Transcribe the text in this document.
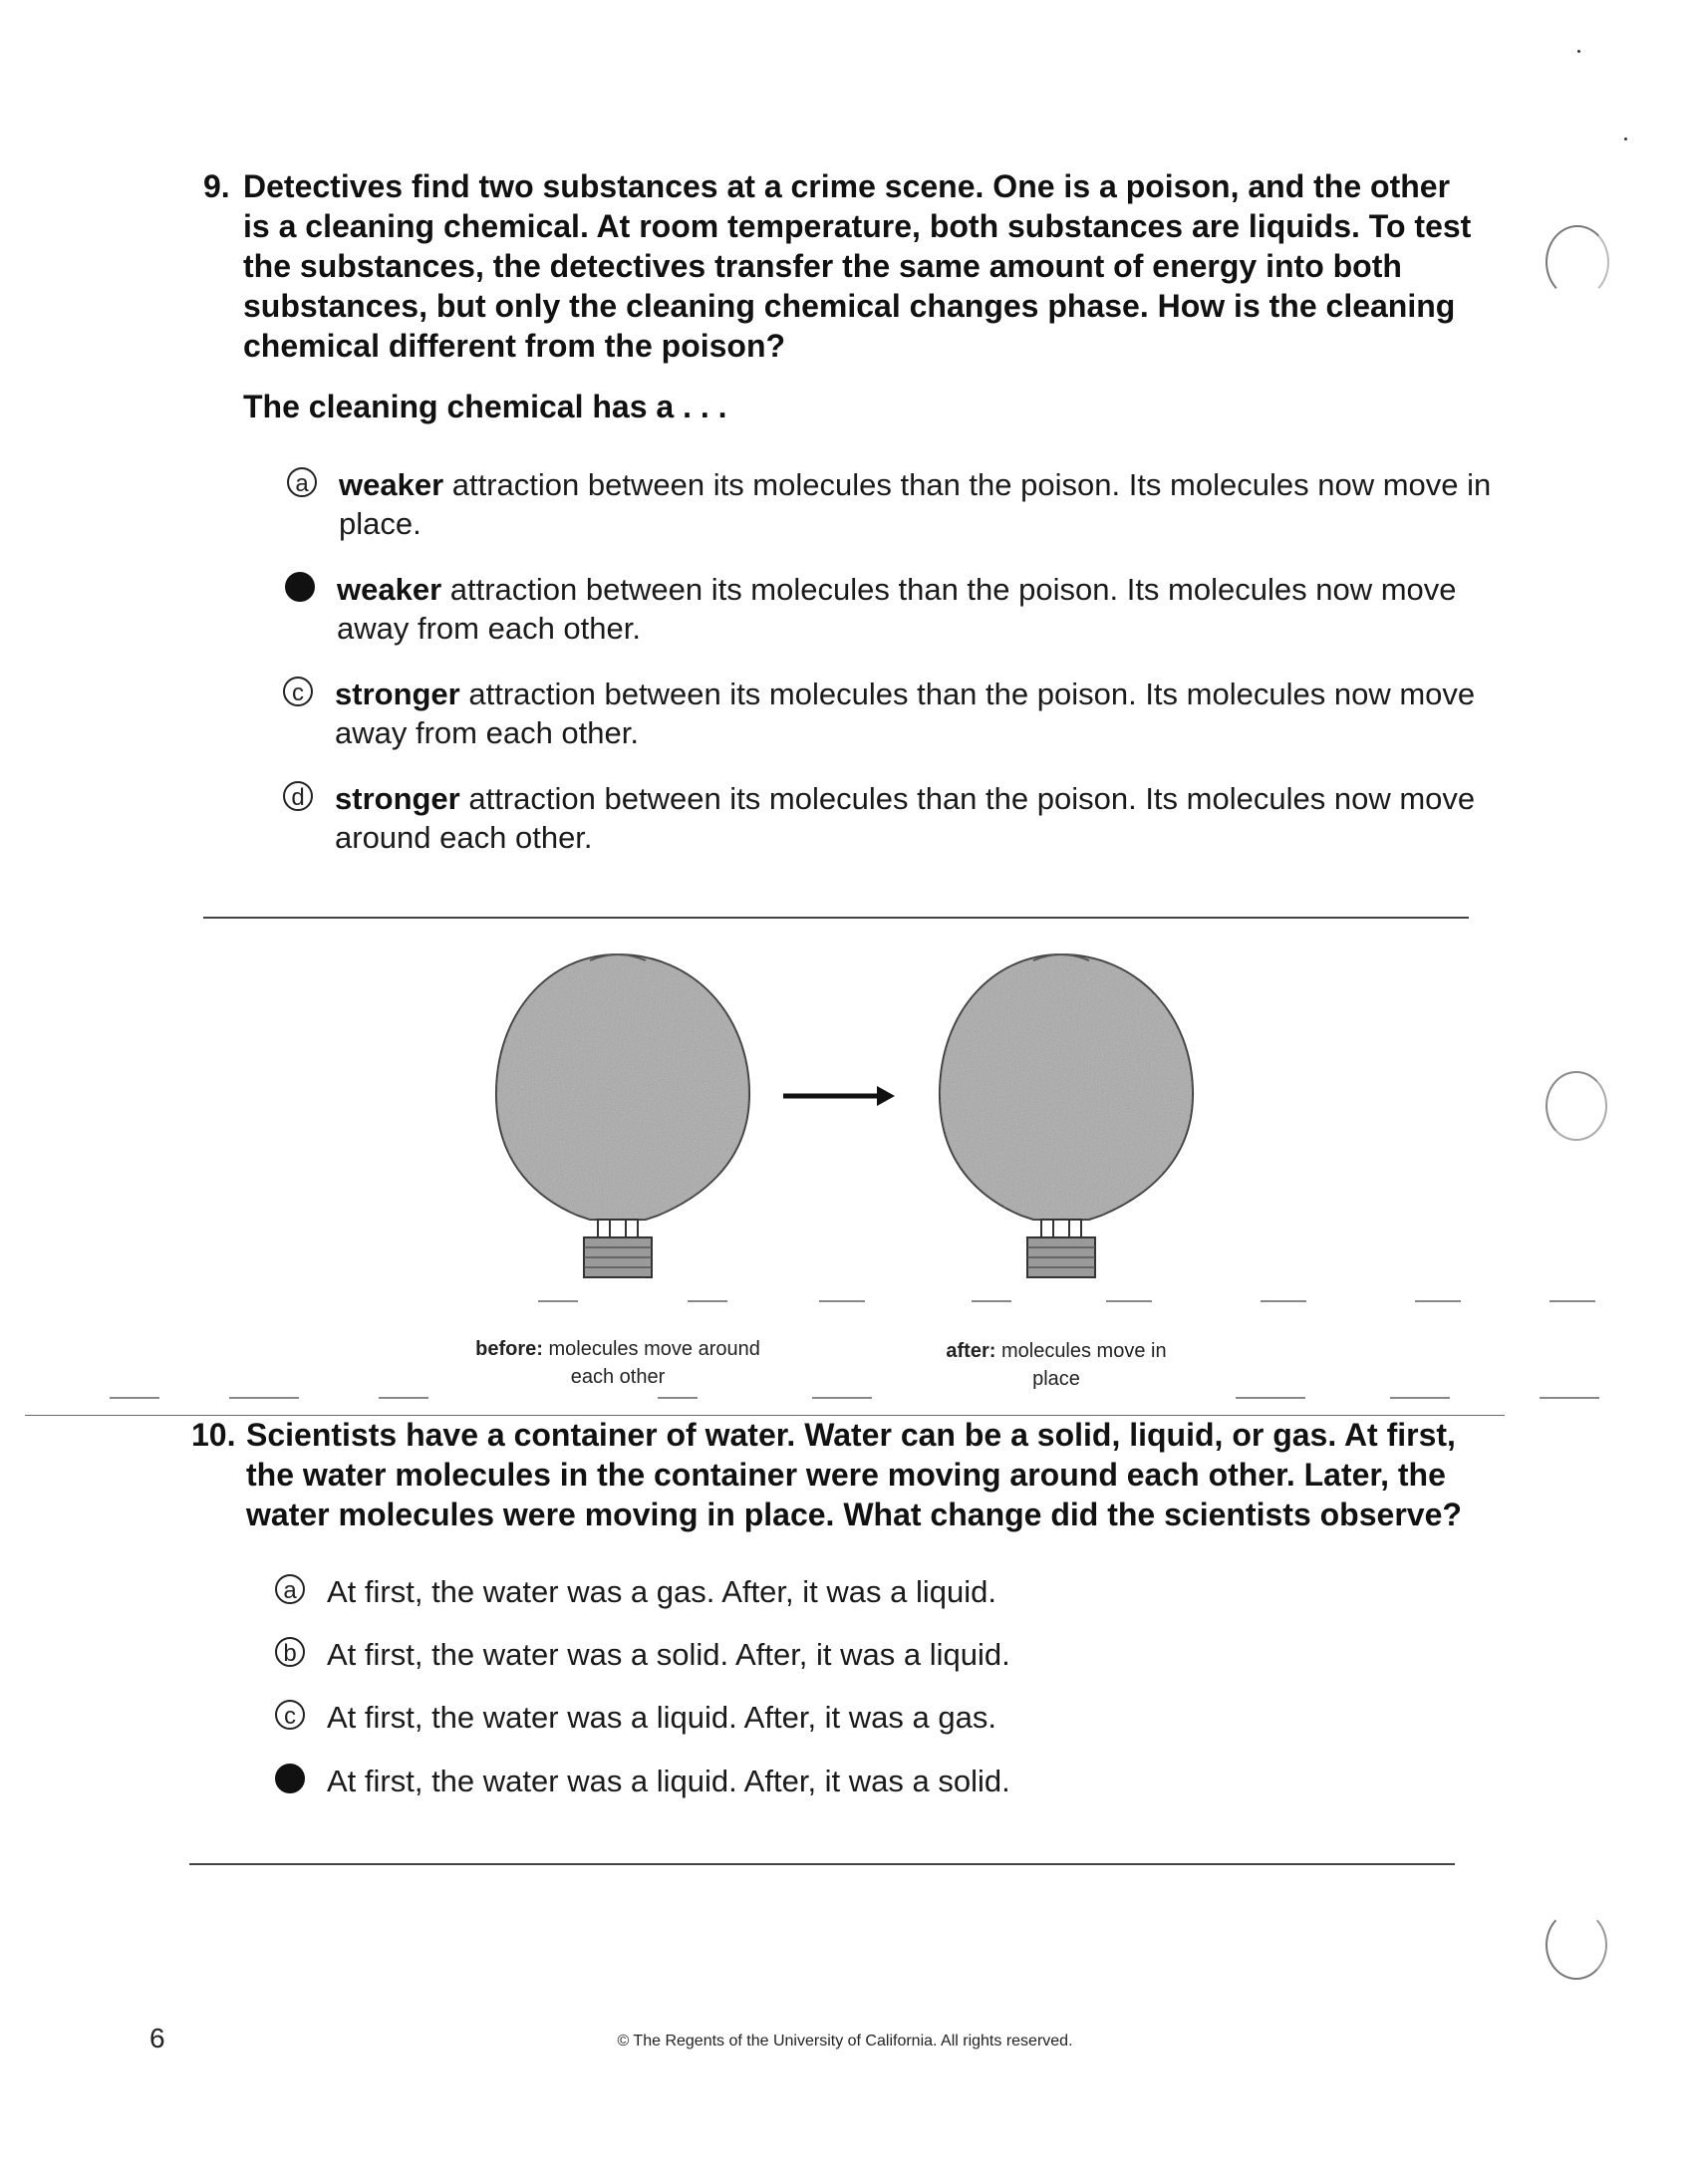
9. Detectives find two substances at a crime scene. One is a poison, and the other is a cleaning chemical. At room temperature, both substances are liquids. To test the substances, the detectives transfer the same amount of energy into both substances, but only the cleaning chemical changes phase. How is the cleaning chemical different from the poison?
The cleaning chemical has a . . .
a weaker attraction between its molecules than the poison. Its molecules now move in place.
b weaker attraction between its molecules than the poison. Its molecules now move away from each other.
c stronger attraction between its molecules than the poison. Its molecules now move away from each other.
d stronger attraction between its molecules than the poison. Its molecules now move around each other.
before: molecules move around each other
after: molecules move in place
10. Scientists have a container of water. Water can be a solid, liquid, or gas. At first, the water molecules in the container were moving around each other. Later, the water molecules were moving in place. What change did the scientists observe?
a At first, the water was a gas. After, it was a liquid.
b At first, the water was a solid. After, it was a liquid.
c At first, the water was a liquid. After, it was a gas.
d At first, the water was a liquid. After, it was a solid.
6	© The Regents of the University of California. All rights reserved.
